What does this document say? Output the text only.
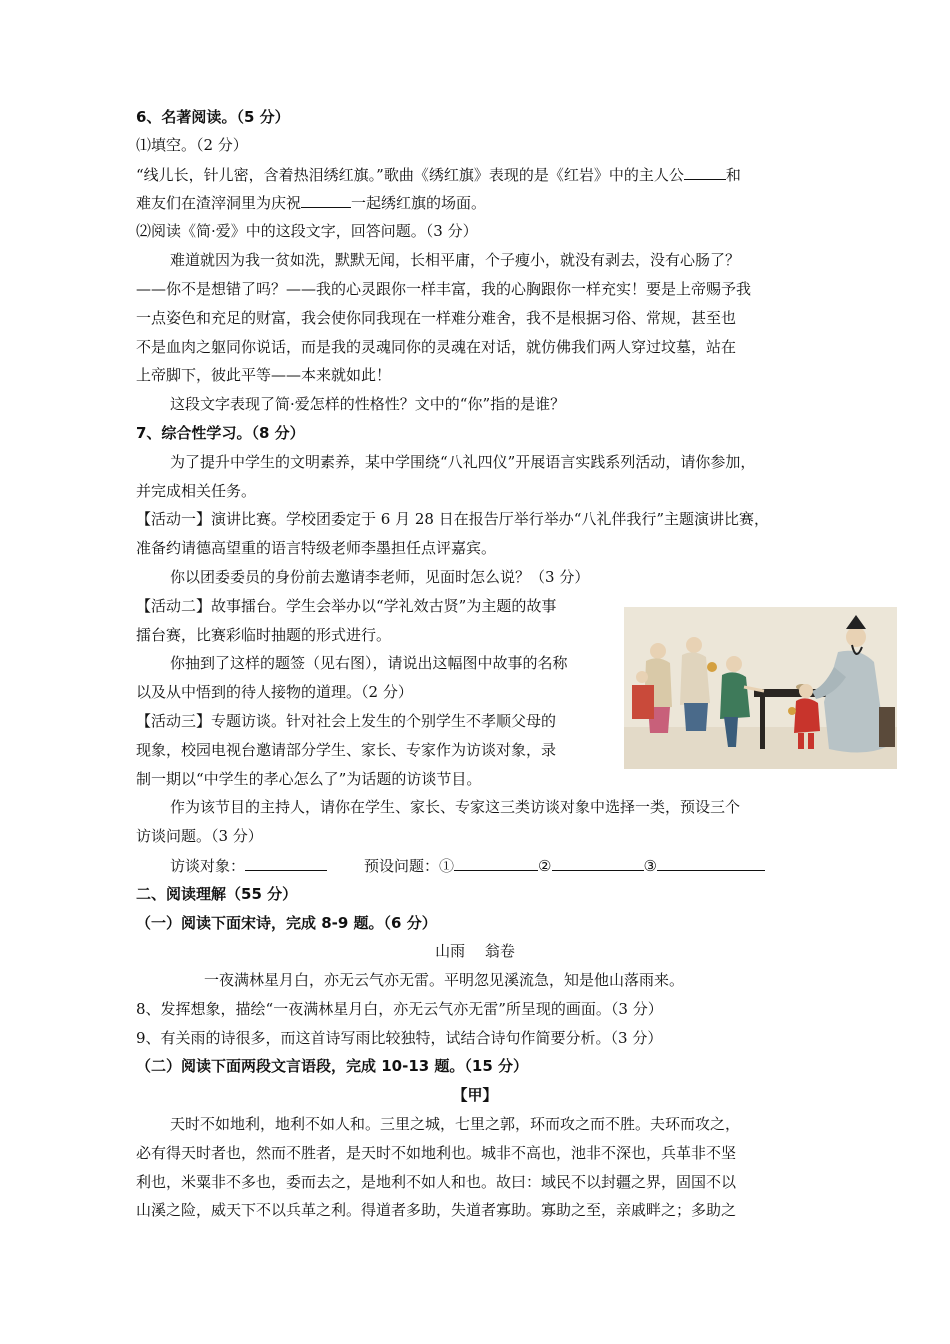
6、名著阅读。（5 分）
⑴填空。（2 分）
“线儿长，针儿密，含着热泪绣红旗。”歌曲《绣红旗》表现的是《红岩》中的主人公	和
难友们在渣滓洞里为庆祝	一起绣红旗的场面。
⑵阅读《简·爱》中的这段文字，回答问题。（3 分）
难道就因为我一贫如洗，默默无闻，长相平庸，个子瘦小，就没有剥去，没有心肠了？
——你不是想错了吗？——我的心灵跟你一样丰富，我的心胸跟你一样充实！要是上帝赐予我
一点姿色和充足的财富，我会使你同我现在一样难分难舍，我不是根据习俗、常规，甚至也
不是血肉之躯同你说话，而是我的灵魂同你的灵魂在对话，就仿佛我们两人穿过坟墓，站在
上帝脚下，彼此平等——本来就如此！
这段文字表现了简·爱怎样的性格性？文中的“你”指的是谁？
7、综合性学习。（8 分）
为了提升中学生的文明素养，某中学围绕“八礼四仪”开展语言实践系列活动，请你参加，
并完成相关任务。
【活动一】演讲比赛。学校团委定于 6 月 28 日在报告厅举行举办“八礼伴我行”主题演讲比赛，
准备约请德高望重的语言特级老师李墨担任点评嘉宾。
你以团委委员的身份前去邀请李老师，见面时怎么说？（3 分）
【活动二】故事擂台。学生会举办以“学礼效古贤”为主题的故事
擂台赛，比赛彩临时抽题的形式进行。
你抽到了这样的题签（见右图），请说出这幅图中故事的名称
以及从中悟到的待人接物的道理。（2 分）
【活动三】专题访谈。针对社会上发生的个别学生不孝顺父母的
现象，校园电视台邀请部分学生、家长、专家作为访谈对象，录
制一期以“中学生的孝心怎么了”为话题的访谈节目。
作为该节目的主持人，请你在学生、家长、专家这三类访谈对象中选择一类，预设三个
访谈问题。（3 分）
访谈对象：	预设问题：①	②	③
二、阅读理解（55 分）
（一）阅读下面宋诗，完成 8-9 题。（6 分）
山雨　 翁卷
一夜满林星月白，亦无云气亦无雷。平明忽见溪流急，知是他山落雨来。
8、发挥想象，描绘“一夜满林星月白，亦无云气亦无雷”所呈现的画面。（3 分）
9、有关雨的诗很多，而这首诗写雨比较独特，试结合诗句作简要分析。（3 分）
（二）阅读下面两段文言语段，完成 10-13 题。（15 分）
【甲】
天时不如地利，地利不如人和。三里之城，七里之郭，环而攻之而不胜。夫环而攻之，
必有得天时者也，然而不胜者，是天时不如地利也。城非不高也，池非不深也，兵革非不坚
利也，米粟非不多也，委而去之，是地利不如人和也。故曰：域民不以封疆之界，固国不以
山溪之险，威天下不以兵革之利。得道者多助，失道者寡助。寡助之至，亲戚畔之；多助之
